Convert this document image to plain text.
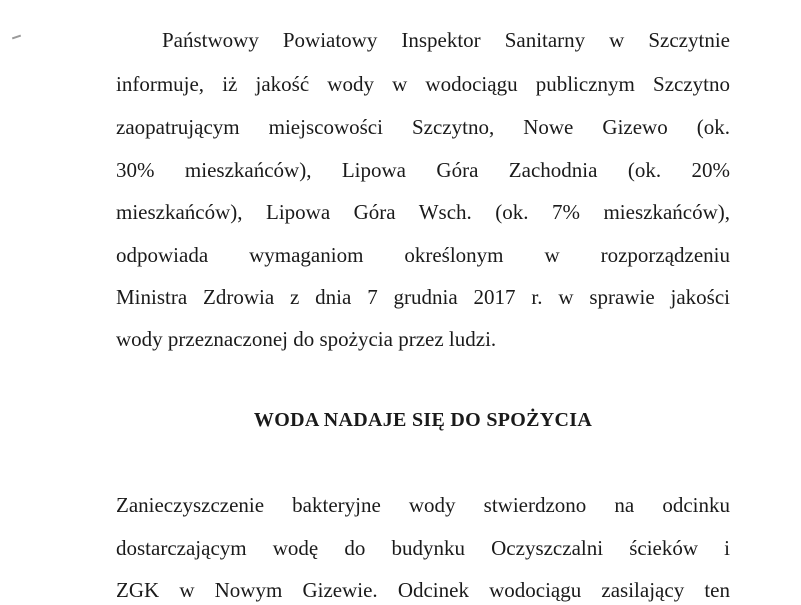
Państwowy Powiatowy Inspektor Sanitarny w Szczytnie
informuje, iż jakość wody w wodociągu publicznym Szczytno
zaopatrującym miejscowości Szczytno, Nowe Gizewo (ok.
30% mieszkańców), Lipowa Góra Zachodnia (ok. 20%
mieszkańców), Lipowa Góra Wsch. (ok. 7% mieszkańców),
odpowiada wymaganiom określonym w rozporządzeniu
Ministra Zdrowia z dnia 7 grudnia 2017 r. w sprawie jakości
wody przeznaczonej do spożycia przez ludzi.
WODA NADAJE SIĘ DO SPOŻYCIA
Zanieczyszczenie bakteryjne wody stwierdzono na odcinku
dostarczającym wodę do budynku Oczyszczalni ścieków i
ZGK w Nowym Gizewie. Odcinek wodociągu zasilający ten
